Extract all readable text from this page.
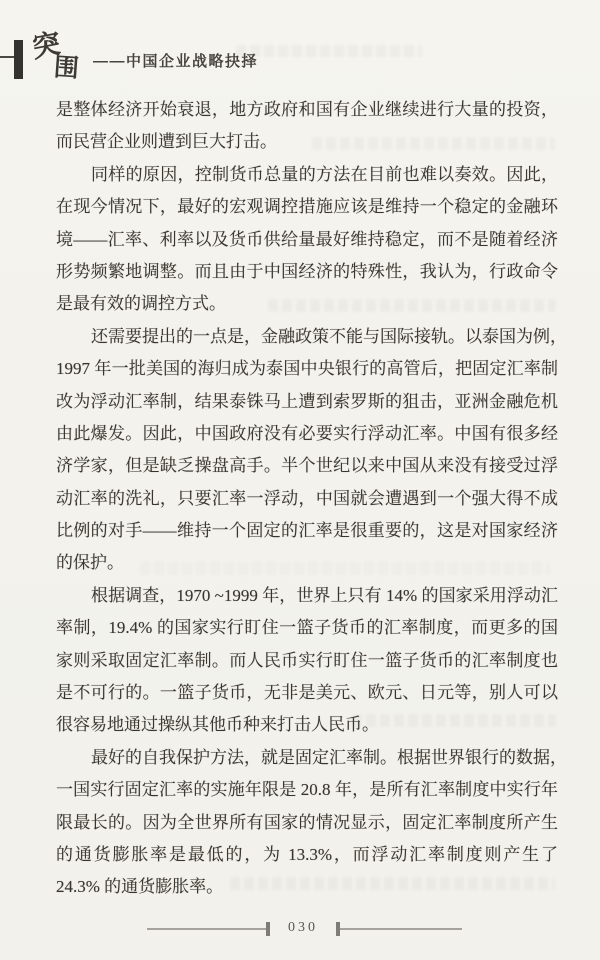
突
围 ——中国企业战略抉择
是整体经济开始衰退，地方政府和国有企业继续进行大量的投资，
而民营企业则遭到巨大打击。
同样的原因，控制货币总量的方法在目前也难以奏效。因此，
在现今情况下，最好的宏观调控措施应该是维持一个稳定的金融环
境——汇率、利率以及货币供给量最好维持稳定，而不是随着经济
形势频繁地调整。而且由于中国经济的特殊性，我认为，行政命令
是最有效的调控方式。
还需要提出的一点是，金融政策不能与国际接轨。以泰国为例，
1997 年一批美国的海归成为泰国中央银行的高管后，把固定汇率制
改为浮动汇率制，结果泰铢马上遭到索罗斯的狙击，亚洲金融危机
由此爆发。因此，中国政府没有必要实行浮动汇率。中国有很多经
济学家，但是缺乏操盘高手。半个世纪以来中国从来没有接受过浮
动汇率的洗礼，只要汇率一浮动，中国就会遭遇到一个强大得不成
比例的对手——维持一个固定的汇率是很重要的，这是对国家经济
的保护。
根据调查，1970 ~1999 年，世界上只有 14% 的国家采用浮动汇
率制，19.4% 的国家实行盯住一篮子货币的汇率制度，而更多的国
家则采取固定汇率制。而人民币实行盯住一篮子货币的汇率制度也
是不可行的。一篮子货币，无非是美元、欧元、日元等，别人可以
很容易地通过操纵其他币种来打击人民币。
最好的自我保护方法，就是固定汇率制。根据世界银行的数据，
一国实行固定汇率的实施年限是 20.8 年，是所有汇率制度中实行年
限最长的。因为全世界所有国家的情况显示，固定汇率制度所产生
的通货膨胀率是最低的，为 13.3%，而浮动汇率制度则产生了
24.3% 的通货膨胀率。
030
